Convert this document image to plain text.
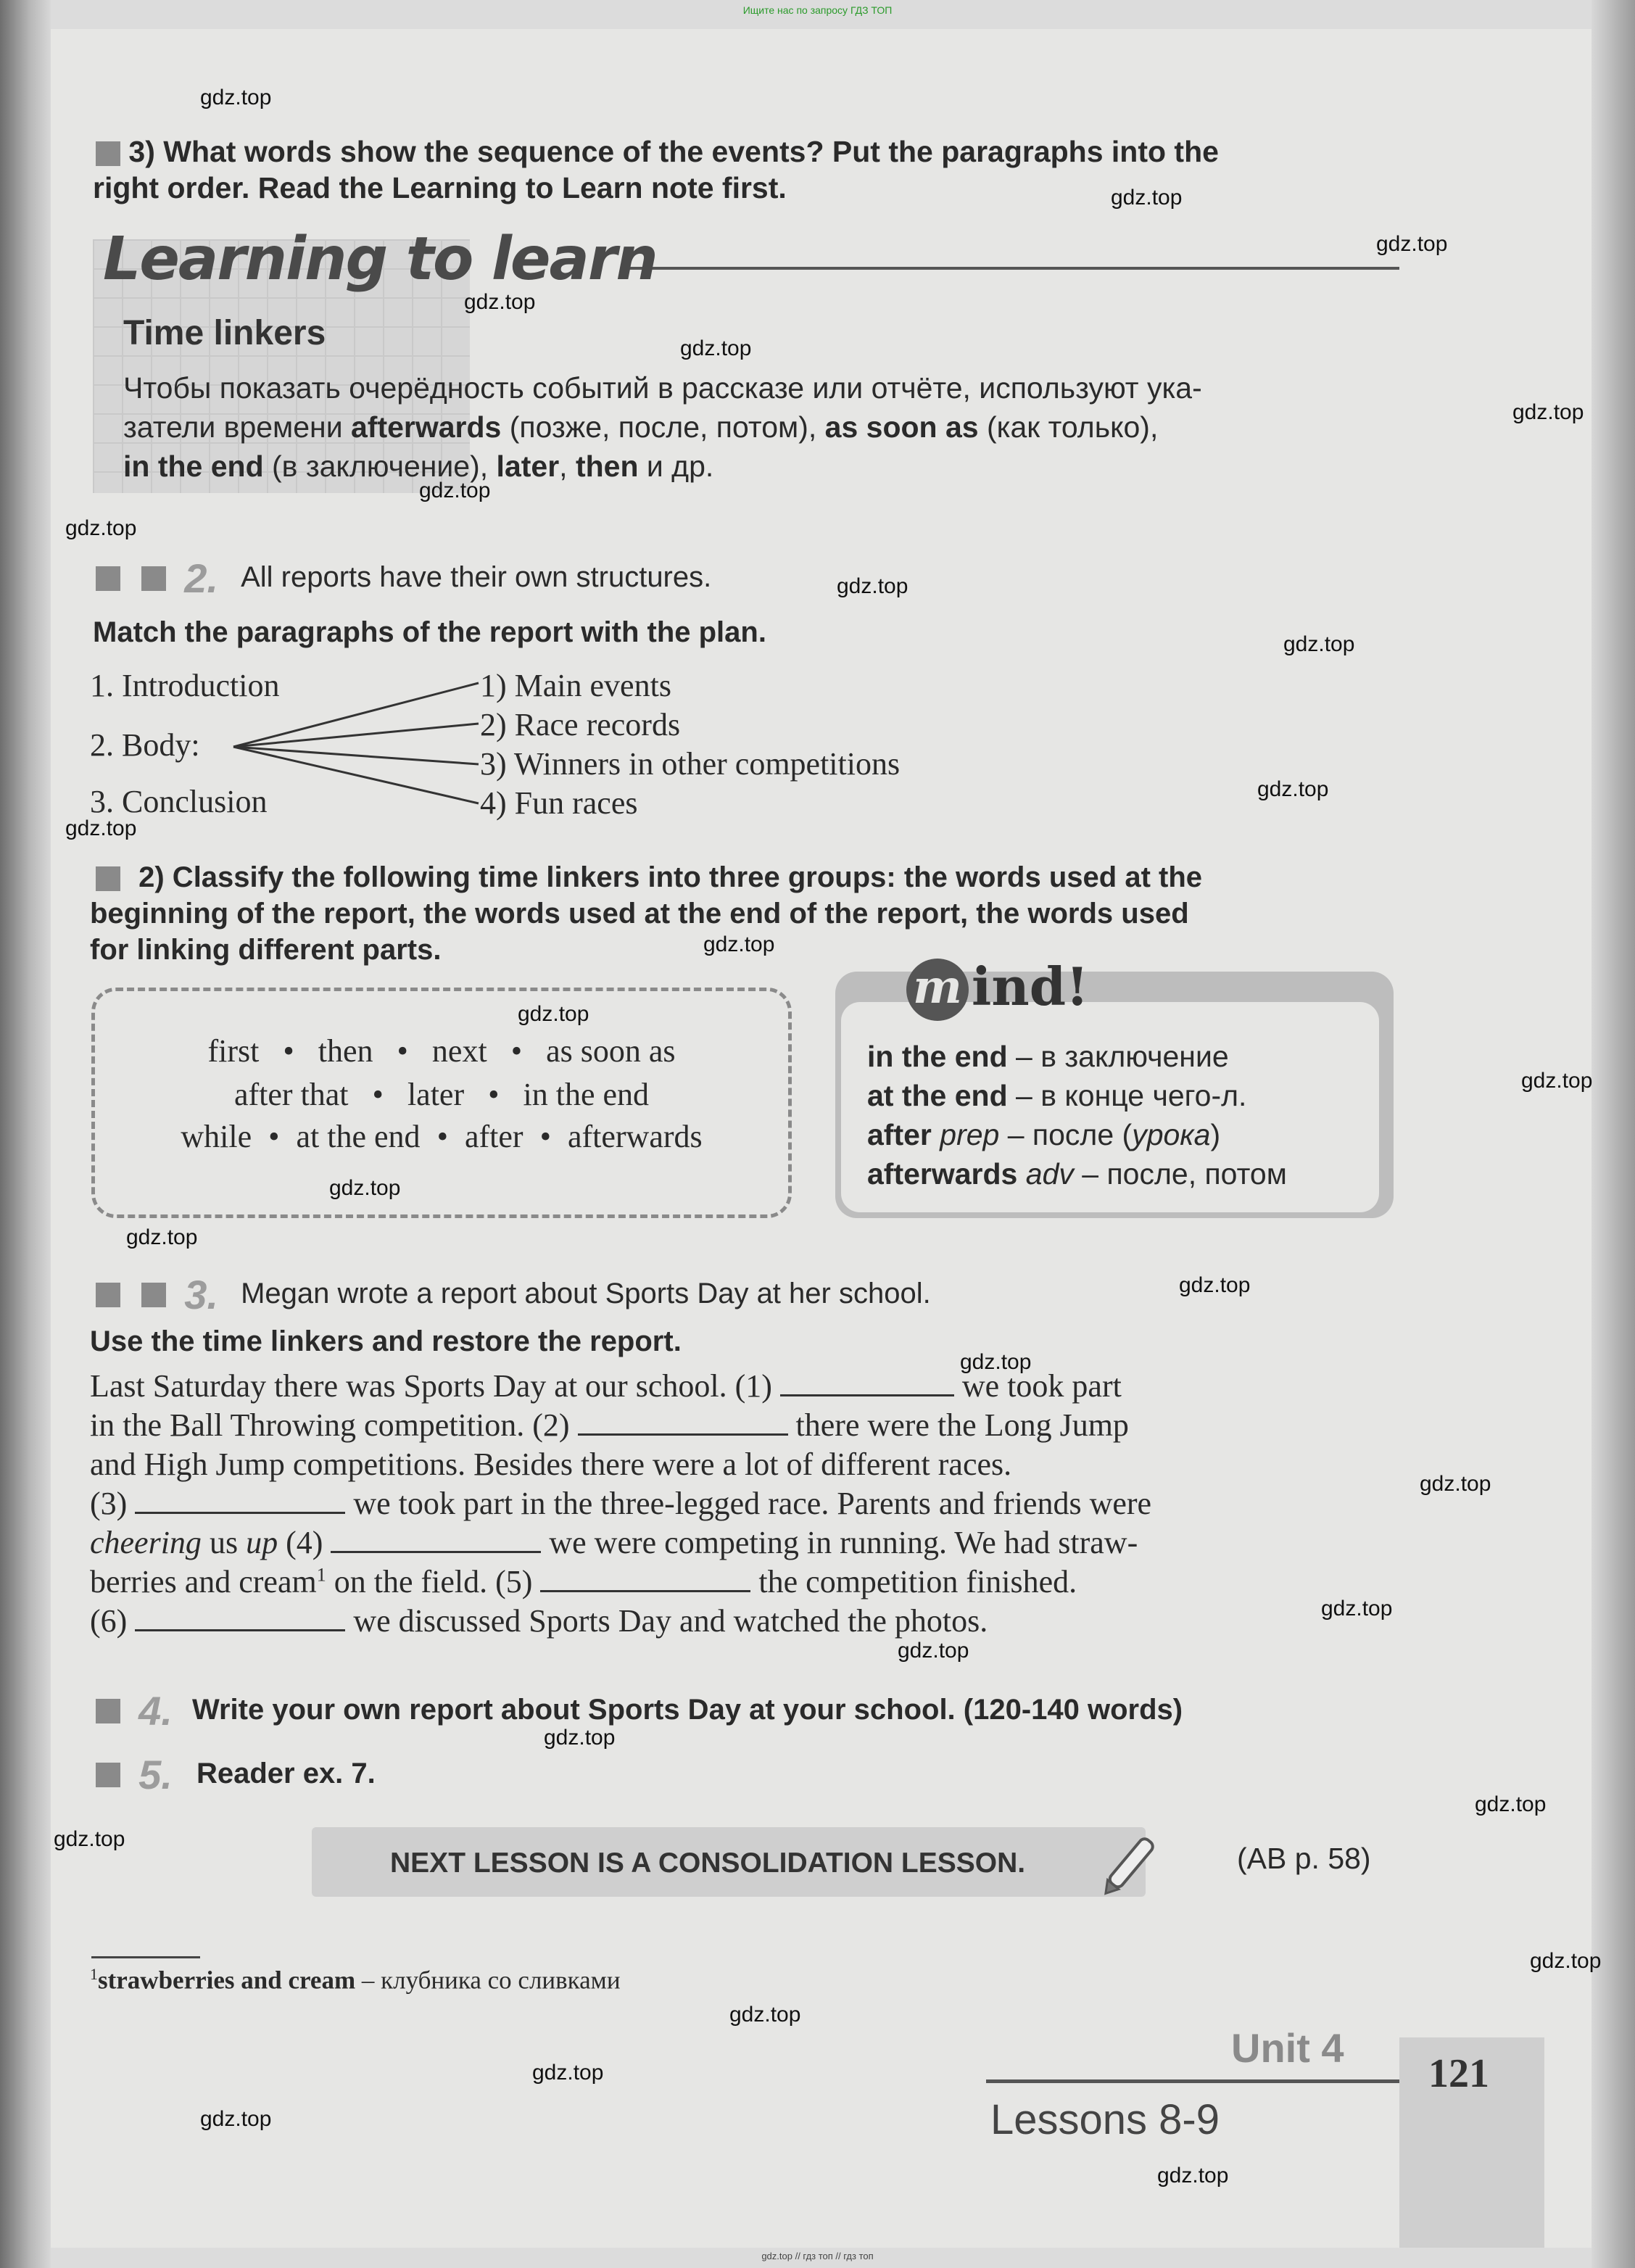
Ищите нас по запросу ГДЗ ТОП
3) What words show the sequence of the events? Put the paragraphs into the
right order. Read the Learning to Learn note first.
Learning to learn
Time linkers
Чтобы показать очерёдность событий в рассказе или отчёте, используют ука-
затели времени afterwards (позже, после, потом), as soon as (как только),
in the end (в заключение), later, then и др.
2. All reports have their own structures.
Match the paragraphs of the report with the plan.
1. Introduction
2. Body:
3. Conclusion
1) Main events
2) Race records
3) Winners in other competitions
4) Fun races
2) Classify the following time linkers into three groups: the words used at the
beginning of the report, the words used at the end of the report, the words used
for linking different parts.
first • then • next • as soon as
after that • later • in the end
while • at the end • after • afterwards
m ind!
in the end – в заключение
at the end – в конце чего-л.
after prep – после (урока)
afterwards adv – после, потом
3. Megan wrote a report about Sports Day at her school.
Use the time linkers and restore the report.
Last Saturday there was Sports Day at our school. (1)	we took part
in the Ball Throwing competition. (2)	there were the Long Jump
and High Jump competitions. Besides there were a lot of different races.
(3)	we took part in the three-legged race. Parents and friends were
cheering us up (4)	we were competing in running. We had straw-
berries and cream$^1$ on the field. (5)	the competition finished.
(6)	we discussed Sports Day and watched the photos.
4. Write your own report about Sports Day at your school. (120-140 words)
5. Reader ex. 7.
NEXT LESSON IS A CONSOLIDATION LESSON.	(AB p. 58)
$^1$strawberries and cream – клубника со сливками
Unit 4
Lessons 8-9
121
gdz.top
gdz.top
gdz.top
gdz.top
gdz.top
gdz.top
gdz.top
gdz.top
gdz.top
gdz.top
gdz.top
gdz.top
gdz.top
gdz.top
gdz.top
gdz.top
gdz.top
gdz.top
gdz.top
gdz.top
gdz.top
gdz.top
gdz.top
gdz.top
gdz.top
gdz.top
gdz.top
gdz.top
gdz.top
gdz.top
gdz.top // гдз топ // гдз топ
